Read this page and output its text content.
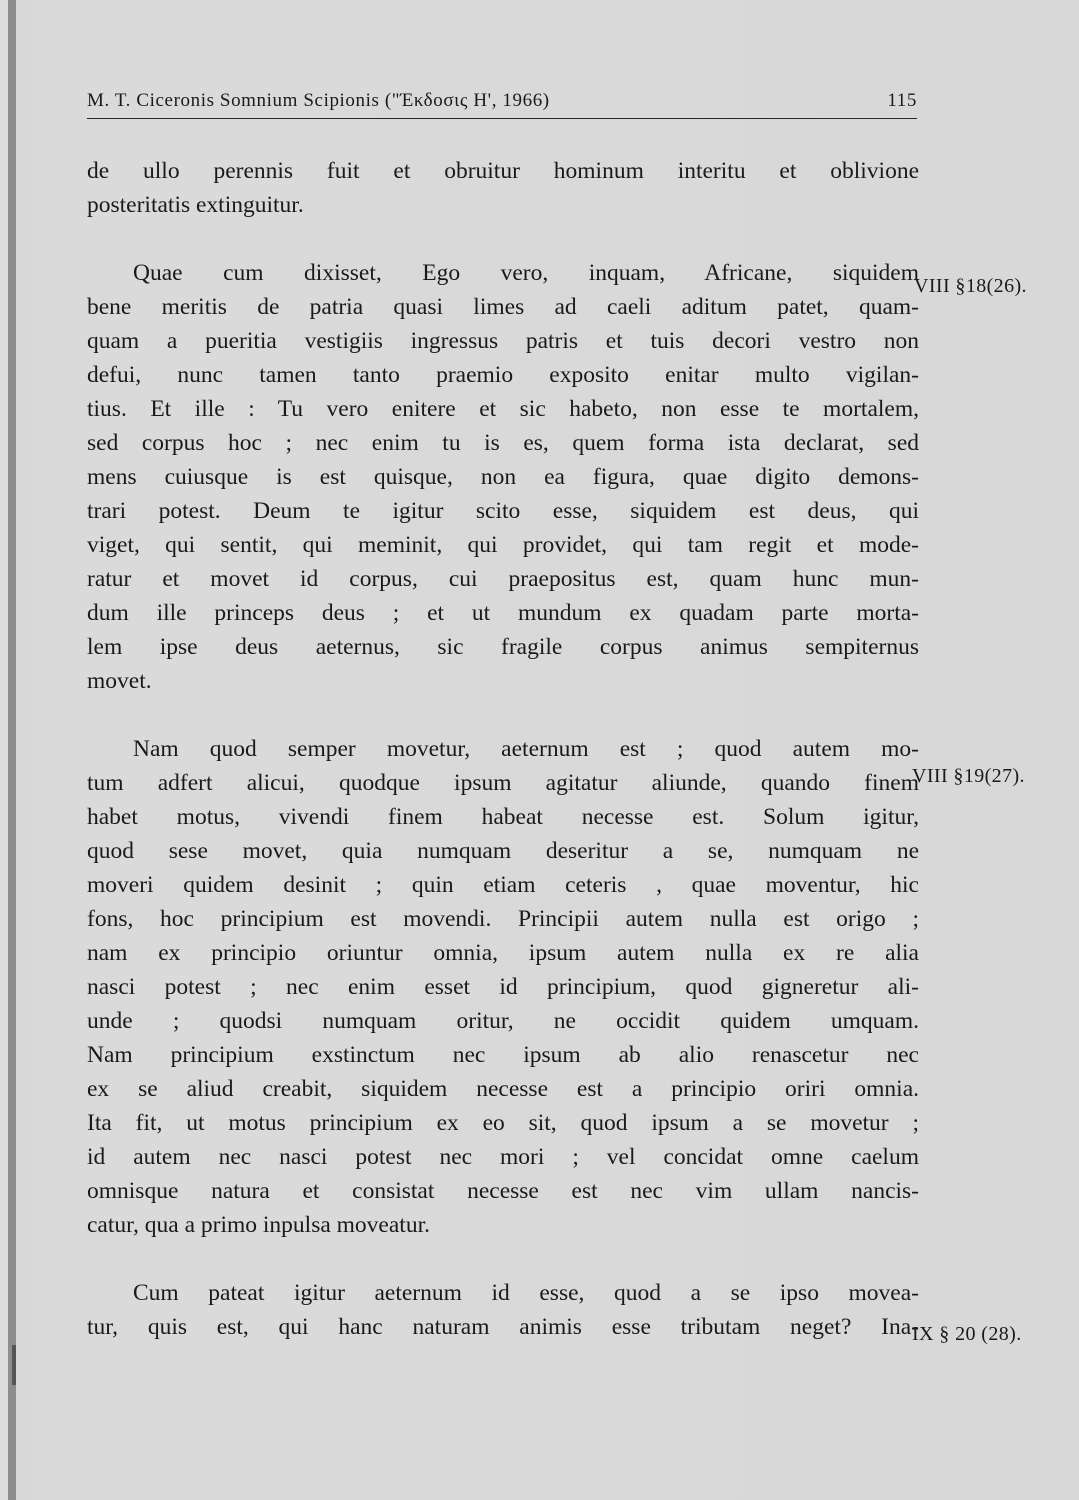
M. T. Ciceronis Somnium Scipionis ("Έκδοσις H', 1966)	115

de ullo perennis fuit et obruitur hominum interitu et oblivione
posteritatis extinguitur.

Quae cum dixisset, Ego vero, inquam, Africane, siquidem
bene meritis de patria quasi limes ad caeli aditum patet, quam-
quam a pueritia vestigiis ingressus patris et tuis decori vestro non
defui, nunc tamen tanto praemio exposito enitar multo vigilan-
tius. Et ille : Tu vero enitere et sic habeto, non esse te mortalem,
sed corpus hoc ; nec enim tu is es, quem forma ista declarat, sed
mens cuiusque is est quisque, non ea figura, quae digito demons-
trari potest. Deum te igitur scito esse, siquidem est deus, qui
viget, qui sentit, qui meminit, qui providet, qui tam regit et mode-
ratur et movet id corpus, cui praepositus est, quam hunc mun-
dum ille princeps deus ; et ut mundum ex quadam parte morta-
lem ipse deus aeternus, sic fragile corpus animus sempiternus
movet.

Nam quod semper movetur, aeternum est ; quod autem mo-
tum adfert alicui, quodque ipsum agitatur aliunde, quando finem
habet motus, vivendi finem habeat necesse est. Solum igitur,
quod sese movet, quia numquam deseritur a se, numquam ne
moveri quidem desinit ; quin etiam ceteris , quae moventur, hic
fons, hoc principium est movendi. Principii autem nulla est origo ;
nam ex principio oriuntur omnia, ipsum autem nulla ex re alia
nasci potest ; nec enim esset id principium, quod gigneretur ali-
unde ; quodsi numquam oritur, ne occidit quidem umquam.
Nam principium exstinctum nec ipsum ab alio renascetur nec
ex se aliud creabit, siquidem necesse est a principio oriri omnia.
Ita fit, ut motus principium ex eo sit, quod ipsum a se movetur ;
id autem nec nasci potest nec mori ; vel concidat omne caelum
omnisque natura et consistat necesse est nec vim ullam nancis-
catur, qua a primo inpulsa moveatur.

Cum pateat igitur aeternum id esse, quod a se ipso movea-
tur, quis est, qui hanc naturam animis esse tributam neget? Ina-

VIII §18(26).
VIII §19(27).
IX § 20 (28).
